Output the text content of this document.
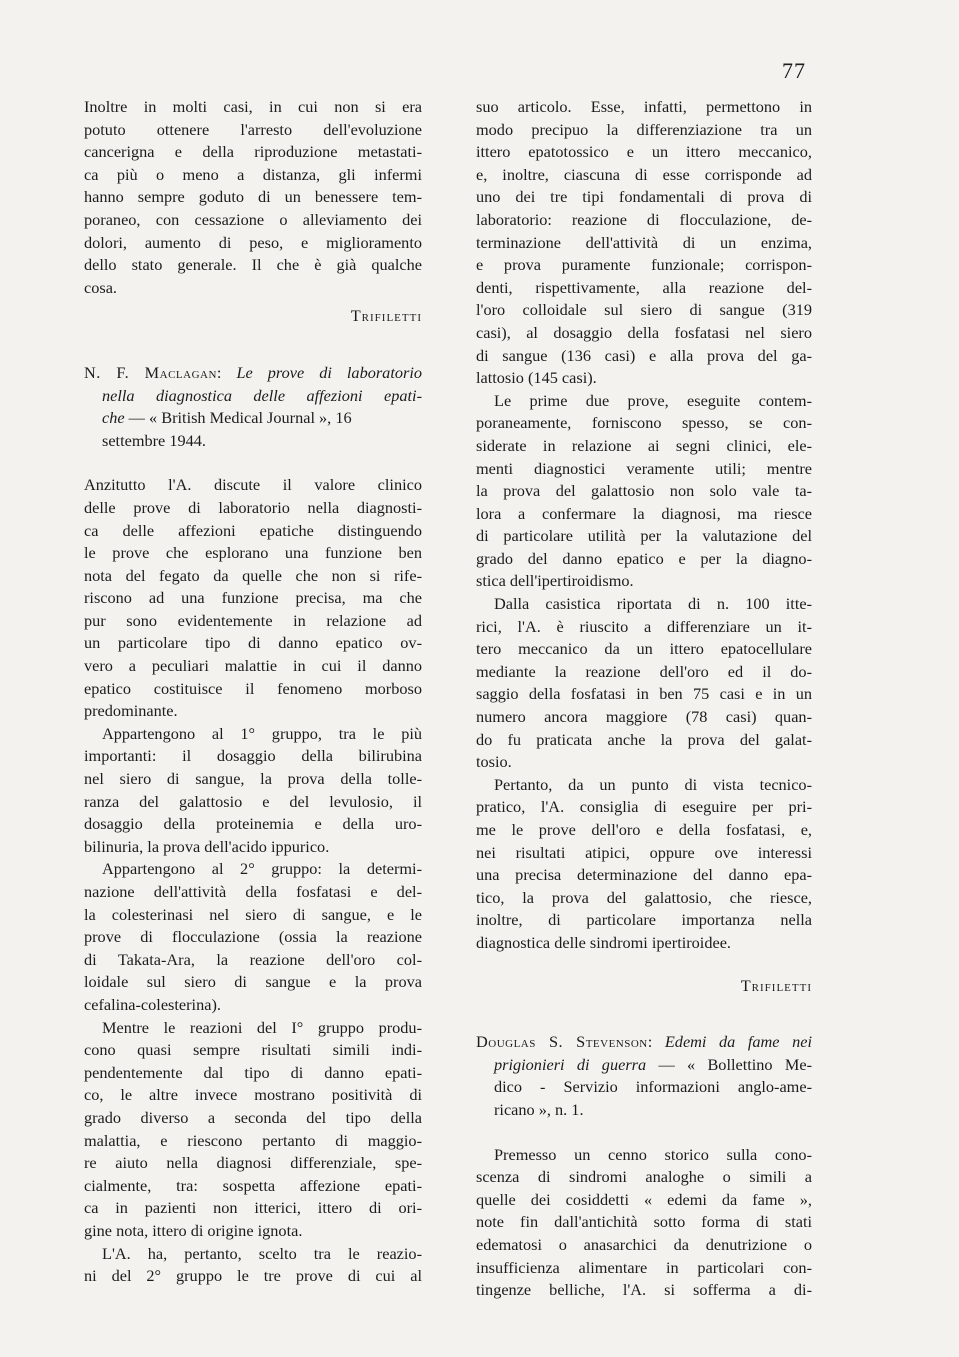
77
Inoltre in molti casi, in cui non si era
potuto ottenere l'arresto dell'evoluzione
cancerigna e della riproduzione metastati-
ca più o meno a distanza, gli infermi
hanno sempre goduto di un benessere tem-
poraneo, con cessazione o alleviamento dei
dolori, aumento di peso, e miglioramento
dello stato generale. Il che è già qualche
cosa.
Trifiletti
N. F. Maclagan: Le prove di laboratorio
nella diagnostica delle affezioni epati-
che — « British Medical Journal », 16
settembre 1944.
Anzitutto l'A. discute il valore clinico
delle prove di laboratorio nella diagnosti-
ca delle affezioni epatiche distinguendo
le prove che esplorano una funzione ben
nota del fegato da quelle che non si rife-
riscono ad una funzione precisa, ma che
pur sono evidentemente in relazione ad
un particolare tipo di danno epatico ov-
vero a peculiari malattie in cui il danno
epatico costituisce il fenomeno morboso
predominante.
Appartengono al 1° gruppo, tra le più
importanti: il dosaggio della bilirubina
nel siero di sangue, la prova della tolle-
ranza del galattosio e del levulosio, il
dosaggio della proteinemia e della uro-
bilinuria, la prova dell'acido ippurico.
Appartengono al 2° gruppo: la determi-
nazione dell'attività della fosfatasi e del-
la colesterinasi nel siero di sangue, e le
prove di flocculazione (ossia la reazione
di Takata-Ara, la reazione dell'oro col-
loidale sul siero di sangue e la prova
cefalina-colesterina).
Mentre le reazioni del I° gruppo produ-
cono quasi sempre risultati simili indi-
pendentemente dal tipo di danno epati-
co, le altre invece mostrano positività di
grado diverso a seconda del tipo della
malattia, e riescono pertanto di maggio-
re aiuto nella diagnosi differenziale, spe-
cialmente, tra: sospetta affezione epati-
ca in pazienti non itterici, ittero di ori-
gine nota, ittero di origine ignota.
L'A. ha, pertanto, scelto tra le reazio-
ni del 2° gruppo le tre prove di cui al
suo articolo. Esse, infatti, permettono in
modo precipuo la differenziazione tra un
ittero epatotossico e un ittero meccanico,
e, inoltre, ciascuna di esse corrisponde ad
uno dei tre tipi fondamentali di prova di
laboratorio: reazione di flocculazione, de-
terminazione dell'attività di un enzima,
e prova puramente funzionale; corrispon-
denti, rispettivamente, alla reazione del-
l'oro colloidale sul siero di sangue (319
casi), al dosaggio della fosfatasi nel siero
di sangue (136 casi) e alla prova del ga-
lattosio (145 casi).
Le prime due prove, eseguite contem-
poraneamente, forniscono spesso, se con-
siderate in relazione ai segni clinici, ele-
menti diagnostici veramente utili; mentre
la prova del galattosio non solo vale ta-
lora a confermare la diagnosi, ma riesce
di particolare utilità per la valutazione del
grado del danno epatico e per la diagno-
stica dell'ipertiroidismo.
Dalla casistica riportata di n. 100 itte-
rici, l'A. è riuscito a differenziare un it-
tero meccanico da un ittero epatocellulare
mediante la reazione dell'oro ed il do-
saggio della fosfatasi in ben 75 casi e in un
numero ancora maggiore (78 casi) quan-
do fu praticata anche la prova del galat-
tosio.
Pertanto, da un punto di vista tecnico-
pratico, l'A. consiglia di eseguire per pri-
me le prove dell'oro e della fosfatasi, e,
nei risultati atipici, oppure ove interessi
una precisa determinazione del danno epa-
tico, la prova del galattosio, che riesce,
inoltre, di particolare importanza nella
diagnostica delle sindromi ipertiroidee.
Trifiletti
Douglas S. Stevenson: Edemi da fame nei
prigionieri di guerra — « Bollettino Me-
dico - Servizio informazioni anglo-ame-
ricano », n. 1.
Premesso un cenno storico sulla cono-
scenza di sindromi analoghe o simili a
quelle dei cosiddetti « edemi da fame »,
note fin dall'antichità sotto forma di stati
edematosi o anasarchici da denutrizione o
insufficienza alimentare in particolari con-
tingenze belliche, l'A. si sofferma a di-
